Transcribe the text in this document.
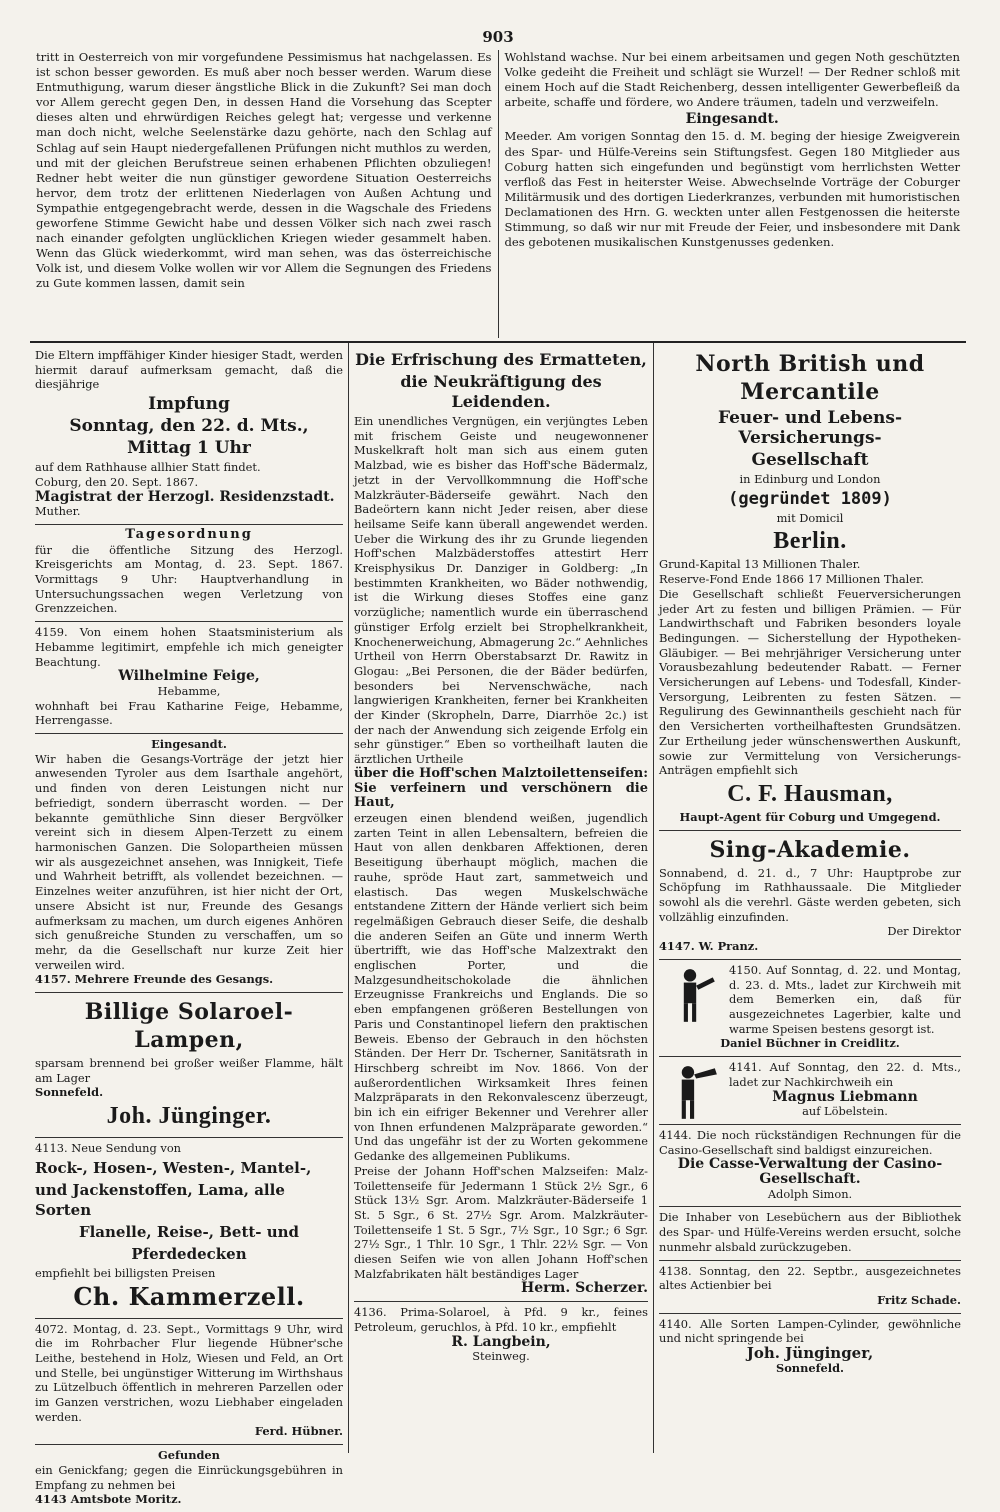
903

tritt in Oesterreich von mir vorgefundene Pessimismus hat nachgelassen. Es ist schon besser geworden. Es muß aber noch besser werden. Warum diese Entmuthigung, warum dieser ängstliche Blick in die Zukunft? Sei man doch vor Allem gerecht gegen Den, in dessen Hand die Vorsehung das Scepter dieses alten und ehrwürdigen Reiches gelegt hat; vergesse und verkenne man doch nicht, welche Seelenstärke dazu gehörte, nach den Schlag auf Schlag auf sein Haupt niedergefallenen Prüfungen nicht muthlos zu werden, und mit der gleichen Berufstreue seinen erhabenen Pflichten obzuliegen! Redner hebt weiter die nun günstiger gewordene Situation Oesterreichs hervor, dem trotz der erlittenen Niederlagen von Außen Achtung und Sympathie entgegengebracht werde, dessen in die Wagschale des Friedens geworfene Stimme Gewicht habe und dessen Völker sich nach zwei rasch nach einander gefolgten unglücklichen Kriegen wieder gesammelt haben. Wenn das Glück wiederkommt, wird man sehen, was das österreichische Volk ist, und diesem Volke wollen wir vor Allem die Segnungen des Friedens zu Gute kommen lassen, damit sein

Wohlstand wachse. Nur bei einem arbeitsamen und gegen Noth geschützten Volke gedeiht die Freiheit und schlägt sie Wurzel! — Der Redner schloß mit einem Hoch auf die Stadt Reichenberg, dessen intelligenter Gewerbefleiß da arbeite, schaffe und fördere, wo Andere träumen, tadeln und verzweifeln.

Eingesandt.

Meeder. Am vorigen Sonntag den 15. d. M. beging der hiesige Zweigverein des Spar- und Hülfe-Vereins sein Stiftungsfest. Gegen 180 Mitglieder aus Coburg hatten sich eingefunden und begünstigt vom herrlichsten Wetter verfloß das Fest in heiterster Weise. Abwechselnde Vorträge der Coburger Militärmusik und des dortigen Liederkranzes, verbunden mit humoristischen Declamationen des Hrn. G. weckten unter allen Festgenossen die heiterste Stimmung, so daß wir nur mit Freude der Feier, und insbesondere mit Dank des gebotenen musikalischen Kunstgenusses gedenken.

Die Eltern impffähiger Kinder hiesiger Stadt, werden hiermit darauf aufmerksam gemacht, daß die diesjährige

Impfung
Sonntag, den 22. d. Mts.,
Mittag 1 Uhr

auf dem Rathhause allhier Statt findet.

Coburg, den 20. Sept. 1867.

Magistrat der Herzogl. Residenzstadt.

Muther.

Tagesordnung

für die öffentliche Sitzung des Herzogl. Kreisgerichts am Montag, d. 23. Sept. 1867. Vormittags 9 Uhr: Hauptverhandlung in Untersuchungssachen wegen Verletzung von Grenzzeichen.

4159. Von einem hohen Staatsministerium als Hebamme legitimirt, empfehle ich mich geneigter Beachtung.

Wilhelmine Feige,
Hebamme,

wohnhaft bei Frau Katharine Feige, Hebamme, Herrengasse.

Eingesandt.

Wir haben die Gesangs-Vorträge der jetzt hier anwesenden Tyroler aus dem Isarthale angehört, und finden von deren Leistungen nicht nur befriedigt, sondern überrascht worden. — Der bekannte gemüthliche Sinn dieser Bergvölker vereint sich in diesem Alpen-Terzett zu einem harmonischen Ganzen. Die Solopartheien müssen wir als ausgezeichnet ansehen, was Innigkeit, Tiefe und Wahrheit betrifft, als vollendet bezeichnen. — Einzelnes weiter anzuführen, ist hier nicht der Ort, unsere Absicht ist nur, Freunde des Gesangs aufmerksam zu machen, um durch eigenes Anhören sich genußreiche Stunden zu verschaffen, um so mehr, da die Gesellschaft nur kurze Zeit hier verweilen wird.

4157. Mehrere Freunde des Gesangs.
Billige Solaroel-Lampen,

sparsam brennend bei großer weißer Flamme, hält am Lager

Sonnefeld.
Joh. Jünginger.

4113. Neue Sendung von

Rock-, Hosen-, Westen-, Mantel-,
und Jackenstoffen, Lama, alle Sorten
Flanelle, Reise-, Bett- und
Pferdedecken

empfiehlt bei billigsten Preisen

Ch. Kammerzell.

4072. Montag, d. 23. Sept., Vormittags 9 Uhr, wird die im Rohrbacher Flur liegende Hübner'sche Leithe, bestehend in Holz, Wiesen und Feld, an Ort und Stelle, bei ungünstiger Witterung im Wirthshaus zu Lützelbuch öffentlich in mehreren Parzellen oder im Ganzen verstrichen, wozu Liebhaber eingeladen werden.

Ferd. Hübner.
Gefunden

ein Genickfang; gegen die Einrückungsgebühren in Empfang zu nehmen bei

4143 Amtsbote Moritz.
Die Erfrischung des Ermatteten,
die Neukräftigung des Leidenden.

Ein unendliches Vergnügen, ein verjüngtes Leben mit frischem Geiste und neugewonnener Muskelkraft holt man sich aus einem guten Malzbad, wie es bisher das Hoff'sche Bädermalz, jetzt in der Vervollkommnung die Hoff'sche Malzkräuter-Bäderseife gewährt. Nach den Badeörtern kann nicht Jeder reisen, aber diese heilsame Seife kann überall angewendet werden. Ueber die Wirkung des ihr zu Grunde liegenden Hoff'schen Malzbäderstoffes attestirt Herr Kreisphysikus Dr. Danziger in Goldberg: „In bestimmten Krankheiten, wo Bäder nothwendig, ist die Wirkung dieses Stoffes eine ganz vorzügliche; namentlich wurde ein überraschend günstiger Erfolg erzielt bei Strophelkrankheit, Knochenerweichung, Abmagerung 2c.“ Aehnliches Urtheil von Herrn Oberstabsarzt Dr. Rawitz in Glogau: „Bei Personen, die der Bäder bedürfen, besonders bei Nervenschwäche, nach langwierigen Krankheiten, ferner bei Krankheiten der Kinder (Skropheln, Darre, Diarrhöe 2c.) ist der nach der Anwendung sich zeigende Erfolg ein sehr günstiger.“ Eben so vortheilhaft lauten die ärztlichen Urtheile

über die Hoff'schen Malztoilettenseifen: Sie verfeinern und verschönern die Haut,

erzeugen einen blendend weißen, jugendlich zarten Teint in allen Lebensaltern, befreien die Haut von allen denkbaren Affektionen, deren Beseitigung überhaupt möglich, machen die rauhe, spröde Haut zart, sammetweich und elastisch. Das wegen Muskelschwäche entstandene Zittern der Hände verliert sich beim regelmäßigen Gebrauch dieser Seife, die deshalb die anderen Seifen an Güte und innerm Werth übertrifft, wie das Hoff'sche Malzextrakt den englischen Porter, und die Malzgesundheitschokolade die ähnlichen Erzeugnisse Frankreichs und Englands. Die so eben empfangenen größeren Bestellungen von Paris und Constantinopel liefern den praktischen Beweis. Ebenso der Gebrauch in den höchsten Ständen. Der Herr Dr. Tscherner, Sanitätsrath in Hirschberg schreibt im Nov. 1866. Von der außerordentlichen Wirksamkeit Ihres feinen Malzpräparats in den Rekonvalescenz überzeugt, bin ich ein eifriger Bekenner und Verehrer aller von Ihnen erfundenen Malzpräparate geworden.“ Und das ungefähr ist der zu Worten gekommene Gedanke des allgemeinen Publikums.

Preise der Johann Hoff'schen Malzseifen: Malz-Toilettenseife für Jedermann 1 Stück 2½ Sgr., 6 Stück 13½ Sgr. Arom. Malzkräuter-Bäderseife 1 St. 5 Sgr., 6 St. 27½ Sgr. Arom. Malzkräuter-Toilettenseife 1 St. 5 Sgr., 7½ Sgr., 10 Sgr.; 6 Sgr. 27½ Sgr., 1 Thlr. 10 Sgr., 1 Thlr. 22½ Sgr. — Von diesen Seifen wie von allen Johann Hoff'schen Malzfabrikaten hält beständiges Lager

Herm. Scherzer.

4136. Prima-Solaroel, à Pfd. 9 kr., feines Petroleum, geruchlos, à Pfd. 10 kr., empfiehlt

R. Langbein,
Steinweg.
North British und Mercantile
Feuer- und Lebens-Versicherungs-
Gesellschaft
in Edinburg und London
(gegründet 1809)
mit Domicil
Berlin.
Grund-Kapital 13 Millionen Thaler.
Reserve-Fond Ende 1866 17 Millionen Thaler.

Die Gesellschaft schließt Feuerversicherungen jeder Art zu festen und billigen Prämien. — Für Landwirthschaft und Fabriken besonders loyale Bedingungen. — Sicherstellung der Hypotheken-Gläubiger. — Bei mehrjähriger Versicherung unter Vorausbezahlung bedeutender Rabatt. — Ferner Versicherungen auf Lebens- und Todesfall, Kinder-Versorgung, Leibrenten zu festen Sätzen. — Regulirung des Gewinnantheils geschieht nach für den Versicherten vortheilhaftesten Grundsätzen. Zur Ertheilung jeder wünschenswerthen Auskunft, sowie zur Vermittelung von Versicherungs-Anträgen empfiehlt sich

C. F. Hausman,
Haupt-Agent für Coburg und Umgegend.
Sing-Akademie.

Sonnabend, d. 21. d., 7 Uhr: Hauptprobe zur Schöpfung im Rathhaussaale. Die Mitglieder sowohl als die verehrl. Gäste werden gebeten, sich vollzählig einzufinden.

Der Direktor
4147. W. Pranz.

4150. Auf Sonntag, d. 22. und Montag, d. 23. d. Mts., ladet zur Kirchweih mit dem Bemerken ein, daß für ausgezeichnetes Lagerbier, kalte und warme Speisen bestens gesorgt ist.

Daniel Büchner in Creidlitz.

4141. Auf Sonntag, den 22. d. Mts., ladet zur Nachkirchweih ein

Magnus Liebmann
auf Löbelstein.

4144. Die noch rückständigen Rechnungen für die Casino-Gesellschaft sind baldigst einzureichen.

Die Casse-Verwaltung der Casino-Gesellschaft.
Adolph Simon.

Die Inhaber von Lesebüchern aus der Bibliothek des Spar- und Hülfe-Vereins werden ersucht, solche nunmehr alsbald zurückzugeben.

4138. Sonntag, den 22. Septbr., ausgezeichnetes altes Actienbier bei

Fritz Schade.

4140. Alle Sorten Lampen-Cylinder, gewöhnliche und nicht springende bei

Joh. Jünginger,
Sonnefeld.
